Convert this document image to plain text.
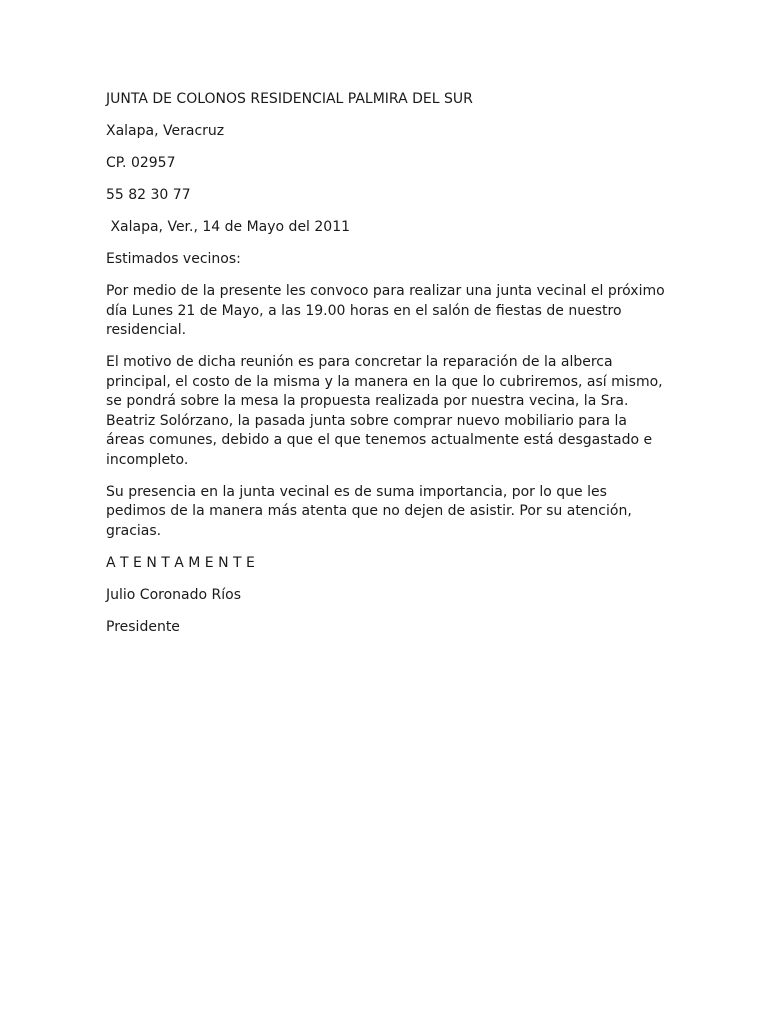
JUNTA DE COLONOS RESIDENCIAL PALMIRA DEL SUR

Xalapa, Veracruz

CP. 02957

55 82 30 77

Xalapa, Ver., 14 de Mayo del 2011

Estimados vecinos:

Por medio de la presente les convoco para realizar una junta vecinal el próximo día Lunes 21 de Mayo, a las 19.00 horas en el salón de fiestas de nuestro residencial.

El motivo de dicha reunión es para concretar la reparación de la alberca principal, el costo de la misma y la manera en la que lo cubriremos, así mismo, se pondrá sobre la mesa la propuesta realizada por nuestra vecina, la Sra. Beatriz Solórzano, la pasada junta sobre comprar nuevo mobiliario para la áreas comunes, debido a que el que tenemos actualmente está desgastado e incompleto.

Su presencia en la junta vecinal es de suma importancia, por lo que les pedimos de la manera más atenta que no dejen de asistir. Por su atención, gracias.

A T E N T A M E N T E

Julio Coronado Ríos

Presidente
